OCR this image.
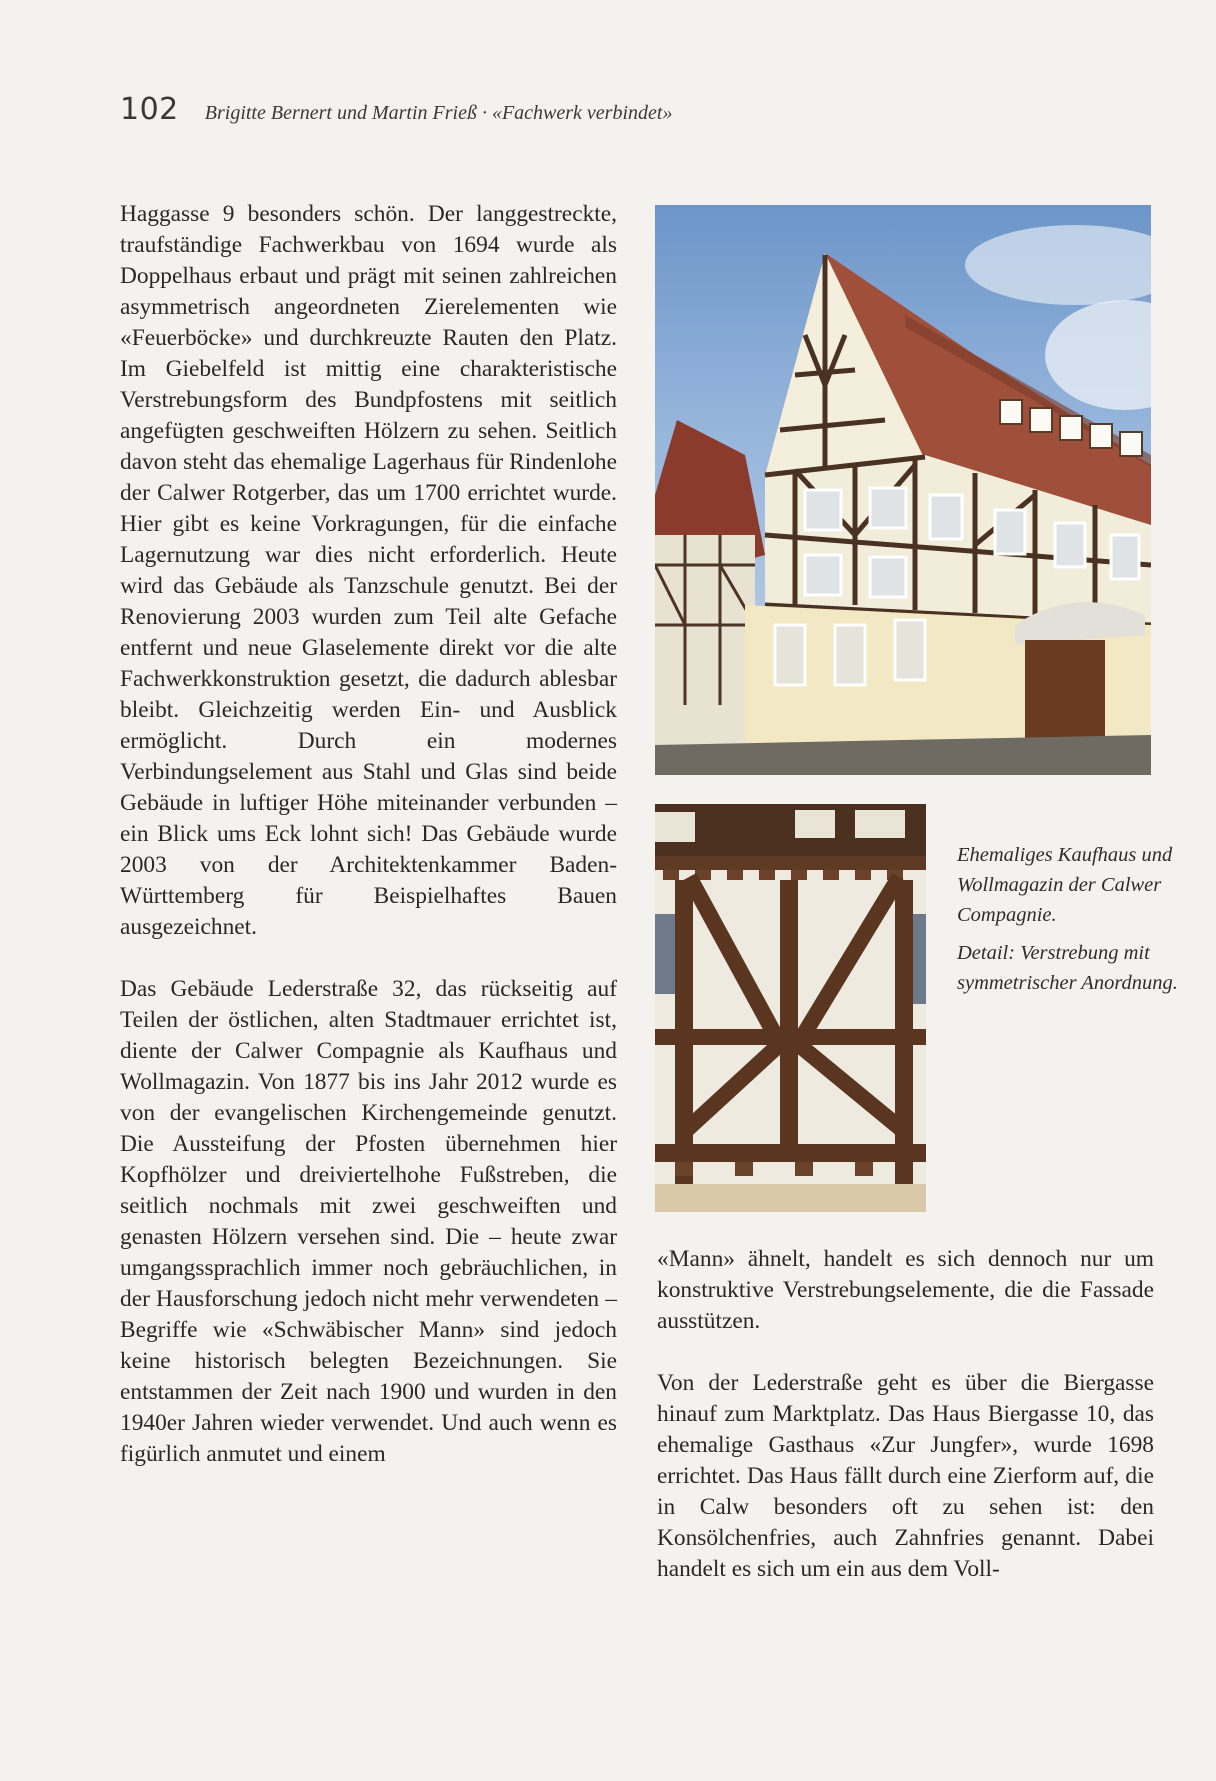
102 Brigitte Bernert und Martin Frieß · «Fachwerk verbindet»

Haggasse 9 besonders schön. Der langgestreckte, traufständige Fachwerkbau von 1694 wurde als Doppelhaus erbaut und prägt mit seinen zahlreichen asymmetrisch angeordneten Zierelementen wie «Feuerböcke» und durchkreuzte Rauten den Platz. Im Giebelfeld ist mittig eine charakteristische Verstrebungsform des Bundpfostens mit seitlich angefügten geschweiften Hölzern zu sehen. Seitlich davon steht das ehemalige Lagerhaus für Rindenlohe der Calwer Rotgerber, das um 1700 errichtet wurde. Hier gibt es keine Vorkragungen, für die einfache Lagernutzung war dies nicht erforderlich. Heute wird das Gebäude als Tanzschule genutzt. Bei der Renovierung 2003 wurden zum Teil alte Gefache entfernt und neue Glaselemente direkt vor die alte Fachwerkkonstruktion gesetzt, die dadurch ablesbar bleibt. Gleichzeitig werden Ein- und Ausblick ermöglicht. Durch ein modernes Verbindungselement aus Stahl und Glas sind beide Gebäude in luftiger Höhe miteinander verbunden – ein Blick ums Eck lohnt sich! Das Gebäude wurde 2003 von der Architektenkammer Baden-Württemberg für Beispielhaftes Bauen ausgezeichnet.

Das Gebäude Lederstraße 32, das rückseitig auf Teilen der östlichen, alten Stadtmauer errichtet ist, diente der Calwer Compagnie als Kaufhaus und Wollmagazin. Von 1877 bis ins Jahr 2012 wurde es von der evangelischen Kirchengemeinde genutzt. Die Aussteifung der Pfosten übernehmen hier Kopfhölzer und dreiviertelhohe Fußstreben, die seitlich nochmals mit zwei geschweiften und genasten Hölzern versehen sind. Die – heute zwar umgangssprachlich immer noch gebräuchlichen, in der Hausforschung jedoch nicht mehr verwendeten – Begriffe wie «Schwäbischer Mann» sind jedoch keine historisch belegten Bezeichnungen. Sie entstammen der Zeit nach 1900 und wurden in den 1940er Jahren wieder verwendet. Und auch wenn es figürlich anmutet und einem

Ehemaliges Kaufhaus und Wollmagazin der Calwer Compagnie.

Detail: Verstrebung mit symmetrischer Anordnung.

«Mann» ähnelt, handelt es sich dennoch nur um konstruktive Verstrebungselemente, die die Fassade ausstützen.

Von der Lederstraße geht es über die Biergasse hinauf zum Marktplatz. Das Haus Biergasse 10, das ehemalige Gasthaus «Zur Jungfer», wurde 1698 errichtet. Das Haus fällt durch eine Zierform auf, die in Calw besonders oft zu sehen ist: den Konsölchenfries, auch Zahnfries genannt. Dabei handelt es sich um ein aus dem Voll-
